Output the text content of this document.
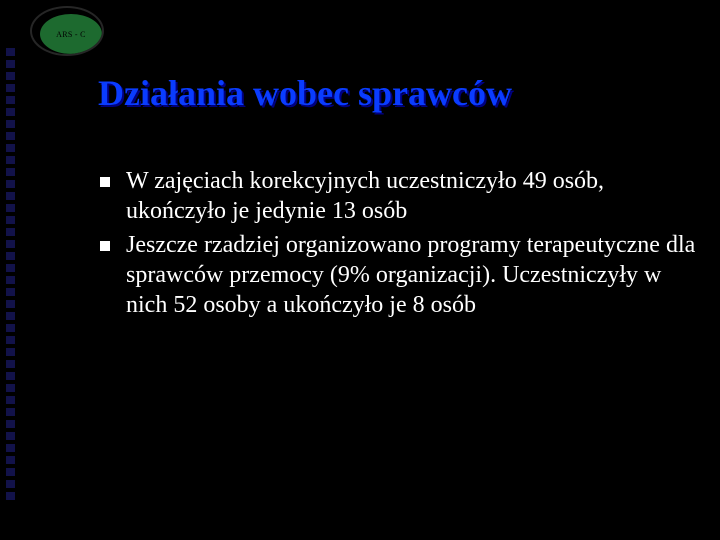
ARS - C
Działania wobec sprawców
W zajęciach korekcyjnych uczestniczyło 49 osób, ukończyło je jedynie 13 osób
Jeszcze rzadziej organizowano programy terapeutyczne dla sprawców przemocy (9% organizacji). Uczestniczyły w nich 52 osoby a ukończyło je 8 osób
